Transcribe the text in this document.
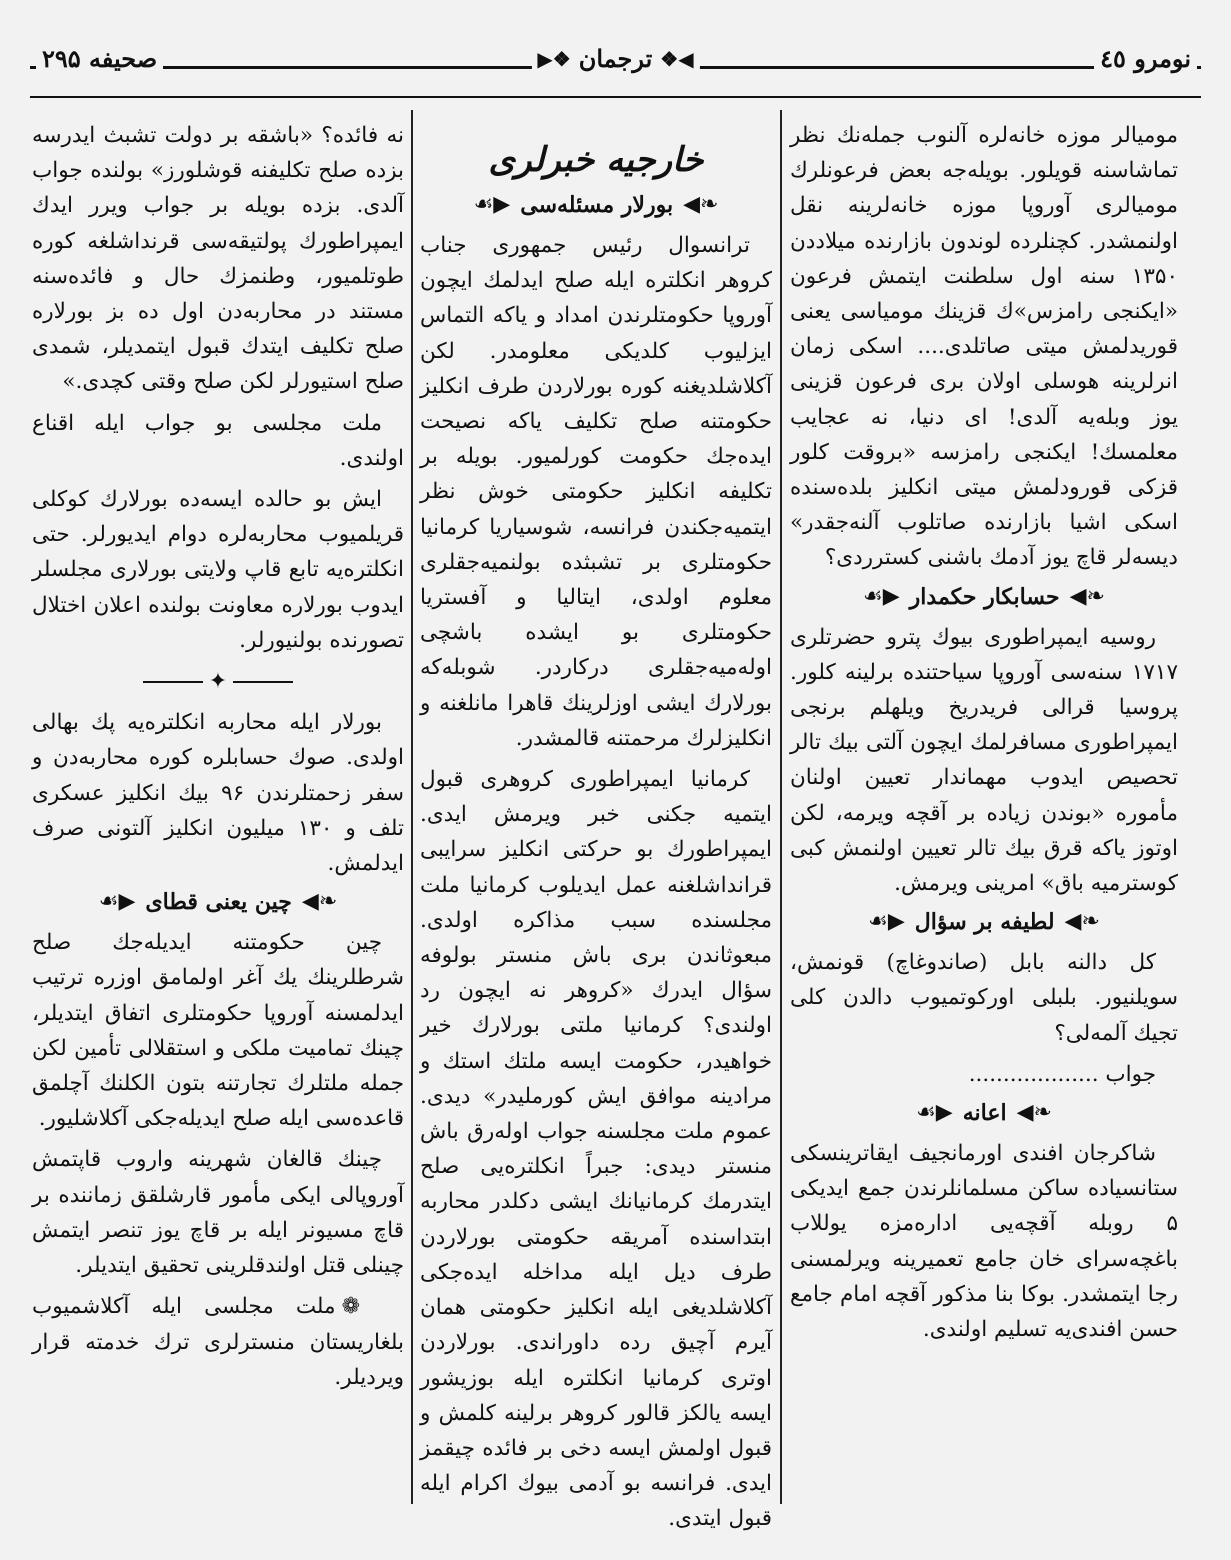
صحیفه ۲۹۵	◀❖
ترجمان
❖▶	نومرو ٤٥

مومیالر موزه خانه‌لره آلنوب جمله‌نك نظر تماشاسنه قویلور. بویله‌جه بعض فرعونلرك مومیالری آوروپا موزه خانه‌لرینه نقل اولنمشدر. کچنلرده لوندون بازارنده میلاددن ۱۳۵۰ سنه اول سلطنت ایتمش فرعون «ایکنجی رامزس»ك قزینك مومیاسی یعنی قوریدلمش میتی صاتلدی.... اسکی زمان انرلرینه هوسلی اولان بری فرعون قزینی یوز وبله‌یه آلدی! ای دنیا، نه عجایب معلمسك! ایکنجی رامزسه «بروقت کلور قزکی قورودلمش میتی انکلیز بلده‌سنده اسکی اشیا بازارنده صاتلوب آلنه‌جقدر» دیسه‌لر قاچ یوز آدمك باشنی کسترردی؟

◀❧
حسابکار حکمدار
☙▶

روسیه ایمپراطوری بیوك پترو حضرتلری ۱۷۱۷ سنه‌سی آوروپا سیاحتنده برلینه کلور. پروسیا قرالی فریدریخ ویلهلم برنجی ایمپراطوری مسافرلمك ایچون آلتی بیك تالر تحصیص ایدوب مهماندار تعیین اولنان مأموره «بوندن زیاده بر آقچه ویرمه، لکن اوتوز یاکه قرق بیك تالر تعیین اولنمش کبی کوسترمیه باق» امرینی ویرمش.

◀❧
لطیفه بر سؤال
☙▶

کل دالنه بابل (صاندوغاچ) قونمش، سویلنیور. بلبلی اورکوتمیوب دالدن کلی تجیك آلمه‌لی؟

جواب ...................

◀❧
اعانه
☙▶

شاکرجان افندی اورمانجیف ایقاترینسکی ستانسیاده ساکن مسلمانلرندن جمع ایدیکی ۵ روبله آقچه‌یی اداره‌مزه یوللاب باغچه‌سرای خان جامع تعمیرینه ویرلمسنی رجا ایتمشدر. بوکا بنا مذکور آقچه امام جامع حسن افندی‌یه تسلیم اولندی.

خارجیه خبرلری
◀❧
بورلار مسئله‌سی
☙▶

ترانسوال رئیس جمهوری جناب کروهر انکلتره ایله صلح ایدلمك ایچون آوروپا حکومتلرندن امداد و یاکه التماس ایزلیوب کلدیکی معلومدر. لکن آکلاشلدیغنه کوره بورلاردن طرف انکلیز حکومتنه صلح تکلیف یاکه نصیحت ایده‌جك حکومت کورلمیور. بویله بر تکلیفه انکلیز حکومتی خوش نظر ایتمیه‌جکندن فرانسه، شوسیاریا کرمانیا حکومتلری بر تشبثده بولنمیه‌جقلری معلوم اولدی، ایتالیا و آفستریا حکومتلری بو ایشده باشچی اوله‌میه‌جقلری درکاردر. شوبله‌که بورلارك ایشی اوزلرینك قاهرا مانلغنه و انکلیزلرك مرحمتنه قالمشدر.

کرمانیا ایمپراطوری کروهری قبول ایتمیه جکنی خبر ویرمش ایدی. ایمپراطورك بو حرکتی انکلیز سرایبی قرانداشلغنه عمل ایدیلوب کرمانیا ملت مجلسنده سبب مذاکره اولدی. مبعوثاندن بری باش منستر بولوفه سؤال ایدرك «کروهر نه ایچون رد اولندی؟ کرمانیا ملتی بورلارك خیر خواهیدر، حکومت ایسه ملتك استك و مرادینه موافق ایش کورملیدر» دیدی. عموم ملت مجلسنه جواب اوله‌رق باش منستر دیدی: جبراً انکلتره‌یی صلح ایتدرمك کرمانیانك ایشی دکلدر محاربه ابتداسنده آمریقه حکومتی بورلاردن طرف دیل ایله مداخله ایده‌جکی آکلاشلدیغی ایله انکلیز حکومتی همان آیرم آچیق رده داوراندی. بورلاردن اوتری کرمانیا انکلتره ایله بوزیشور ایسه یالکز قالور کروهر برلینه کلمش و قبول اولمش ایسه دخی بر فائده چیقمز ایدی. فرانسه بو آدمی بیوك اکرام ایله قبول ایتدی.

نه فائده؟ «باشقه بر دولت تشبث ایدرسه بزده صلح تکلیفنه قوشلورز» بولنده جواب آلدی. بزده بویله بر جواب ویرر ایدك ایمپراطورك پولتیقه‌سی قرنداشلغه کوره طوتلمیور، وطنمزك حال و فائده‌سنه مستند در محاربه‌دن اول ده بز بورلاره صلح تکلیف ایتدك قبول ایتمدیلر، شمدی صلح استیورلر لکن صلح وقتی کچدی.»

ملت مجلسی بو جواب ایله اقناع اولندی.

ایش بو حالده ایسه‌ده بورلارك کوکلی قریلمیوب محاربه‌لره دوام ایدیورلر. حتی انکلتره‌یه تابع قاپ ولایتی بورلاری مجلسلر ایدوب بورلاره معاونت بولنده اعلان اختلال تصورنده بولنیورلر.

✦

بورلار ایله محاربه انکلتره‌یه پك بهالی اولدی. صوك حسابلره کوره محاربه‌دن و سفر زحمتلرندن ۹۶ بیك انکلیز عسکری تلف و ۱۳۰ میلیون انکلیز آلتونی صرف ایدلمش.

◀❧
چین یعنی قطای
☙▶

چین حکومتنه ایدیله‌جك صلح شرطلرینك یك آغر اولمامق اوزره ترتیب ایدلمسنه آوروپا حکومتلری اتفاق ایتدیلر، چینك تمامیت ملکی و استقلالی تأمین لکن جمله ملتلرك تجارتنه بتون الکلنك آچلمق قاعده‌سی ایله صلح ایدیله‌جکی آکلاشلیور.

چینك قالغان شهرینه واروب قاپتمش آوروپالی ایکی مأمور قارشلقق زماننده بر قاچ مسیونر ایله بر قاچ یوز تنصر ایتمش چینلی قتل اولندقلرینی تحقیق ایتدیلر.

❁ملت مجلسی ایله آکلاشمیوب بلغاریستان منسترلری ترك خدمته قرار ویردیلر.
